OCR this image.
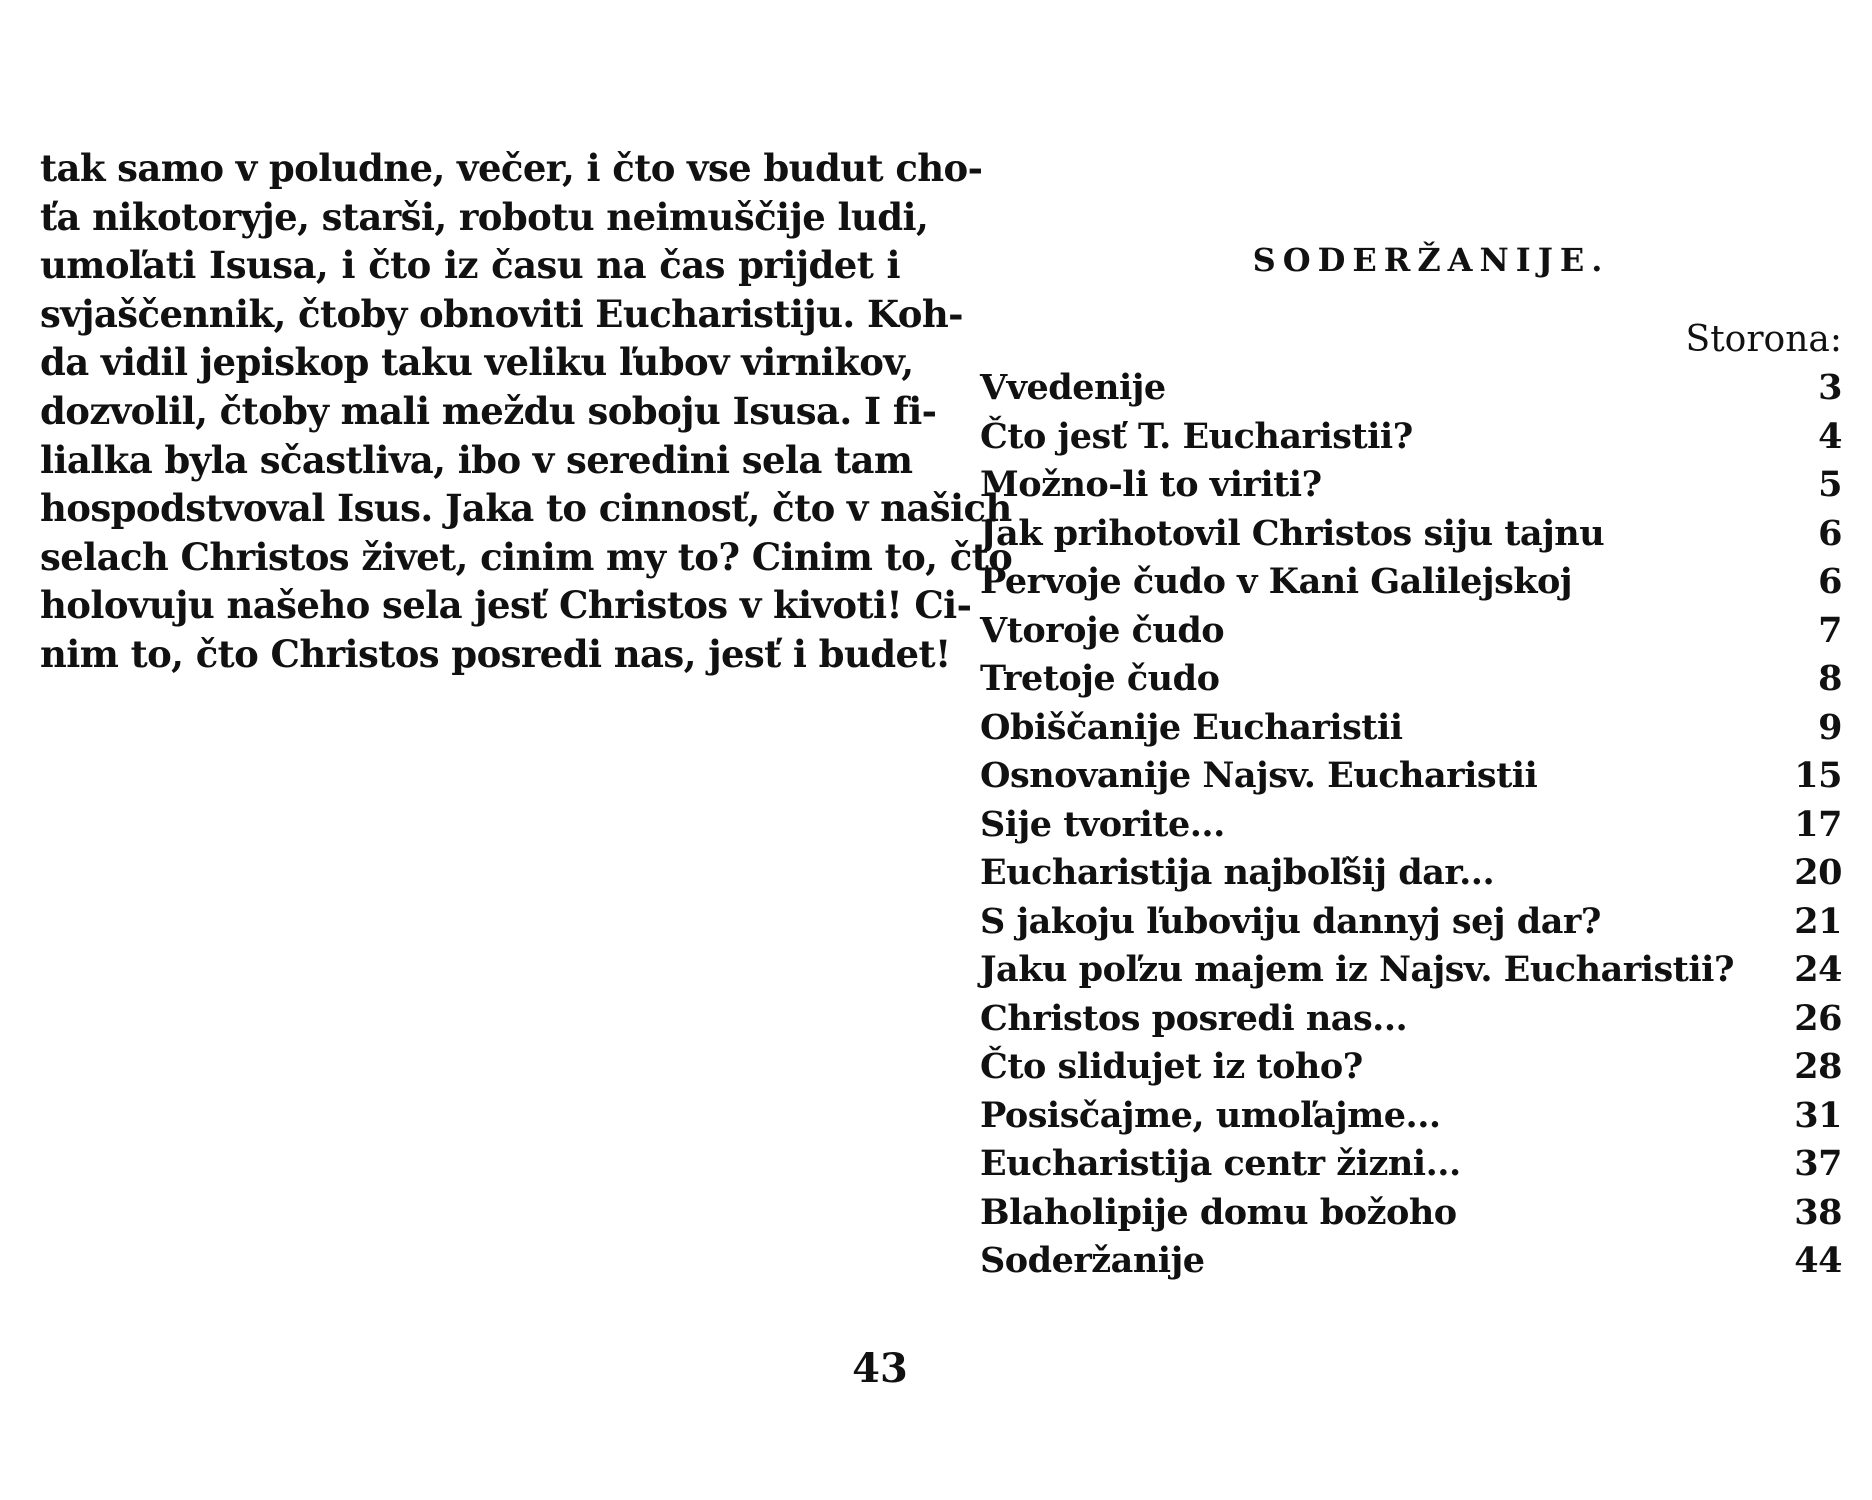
tak samo v poludne, večer, i čto vse budut cho-
ťa nikotoryje, starši, robotu neimuščije ludi,
umoľati Isusa, i čto iz času na čas prijdet i
svjaščennik, čtoby obnoviti Eucharistiju. Koh-
da vidil jepiskop taku veliku ľubov virnikov,
dozvolil, čtoby mali meždu soboju Isusa. I fi-
lialka byla sčastliva, ibo v seredini sela tam
hospodstvoval Isus. Jaka to cinnosť, čto v našich
selach Christos živet, cinim my to? Cinim to, čto
holovuju našeho sela jesť Christos v kivoti! Ci-
nim to, čto Christos posredi nas, jesť i budet!
43
SODERŽANIJE.
Storona:
Vvedenije	3
Čto jesť T. Eucharistii?	4
Možno-li to viriti?	5
Jak prihotovil Christos siju tajnu	6
Pervoje čudo v Kani Galilejskoj	6
Vtoroje čudo	7
Tretoje čudo	8
Obiščanije Eucharistii	9
Osnovanije Najsv. Eucharistii	15
Sije tvorite...	17
Eucharistija najboľšij dar...	20
S jakoju ľuboviju dannyj sej dar?	21
Jaku poľzu majem iz Najsv. Eucharistii?	24
Christos posredi nas...	26
Čto slidujet iz toho?	28
Posisčajme, umoľajme...	31
Eucharistija centr žizni...	37
Blaholipije domu božoho	38
Soderžanije	44
